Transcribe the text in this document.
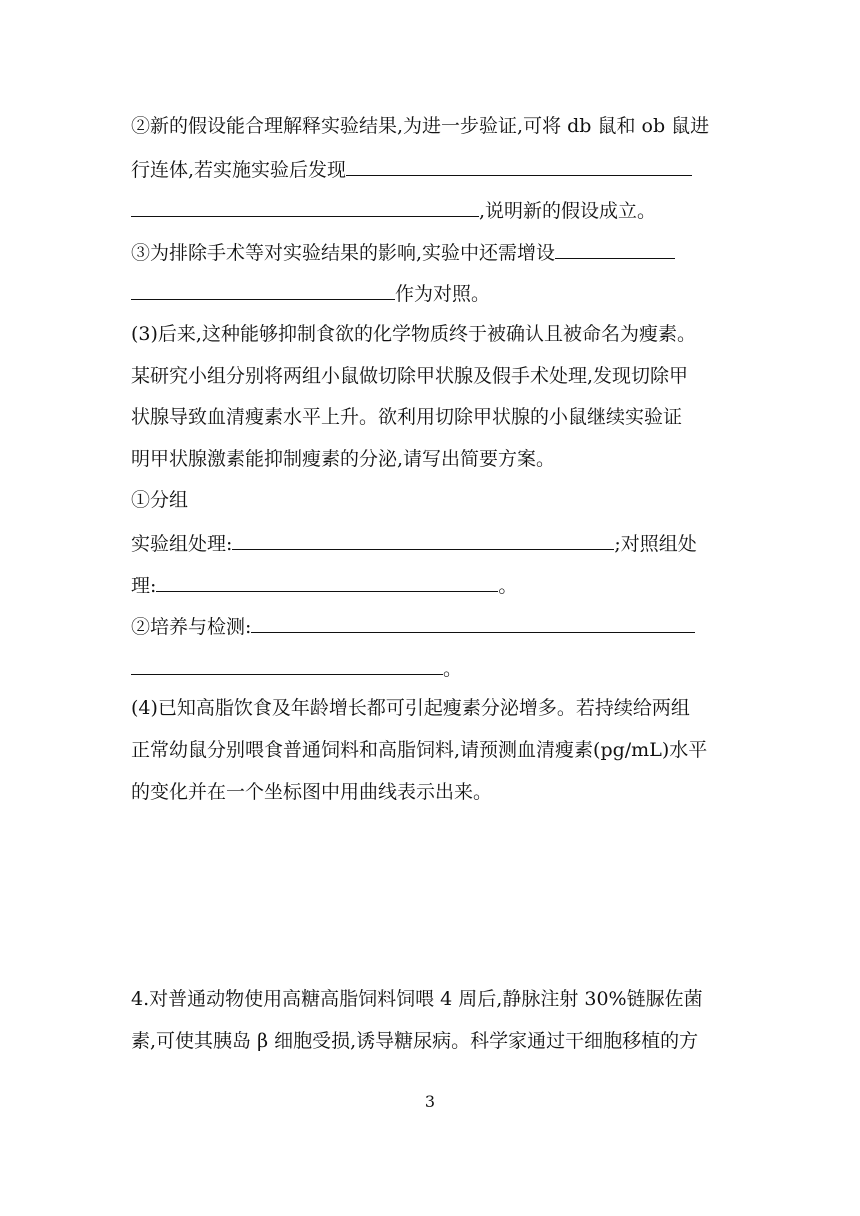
②新的假设能合理解释实验结果,为进一步验证,可将 db 鼠和 ob 鼠进
行连体,若实施实验后发现
,说明新的假设成立。
③为排除手术等对实验结果的影响,实验中还需增设
作为对照。
(3)后来,这种能够抑制食欲的化学物质终于被确认且被命名为瘦素。
某研究小组分别将两组小鼠做切除甲状腺及假手术处理,发现切除甲
状腺导致血清瘦素水平上升。欲利用切除甲状腺的小鼠继续实验证
明甲状腺激素能抑制瘦素的分泌,请写出简要方案。
①分组
实验组处理:	;对照组处
理:	。
②培养与检测:
。
(4)已知高脂饮食及年龄增长都可引起瘦素分泌增多。若持续给两组
正常幼鼠分别喂食普通饲料和高脂饲料,请预测血清瘦素(pg/mL)水平
的变化并在一个坐标图中用曲线表示出来。
4.对普通动物使用高糖高脂饲料饲喂 4 周后,静脉注射 30%链脲佐菌
素,可使其胰岛 β 细胞受损,诱导糖尿病。科学家通过干细胞移植的方
3
